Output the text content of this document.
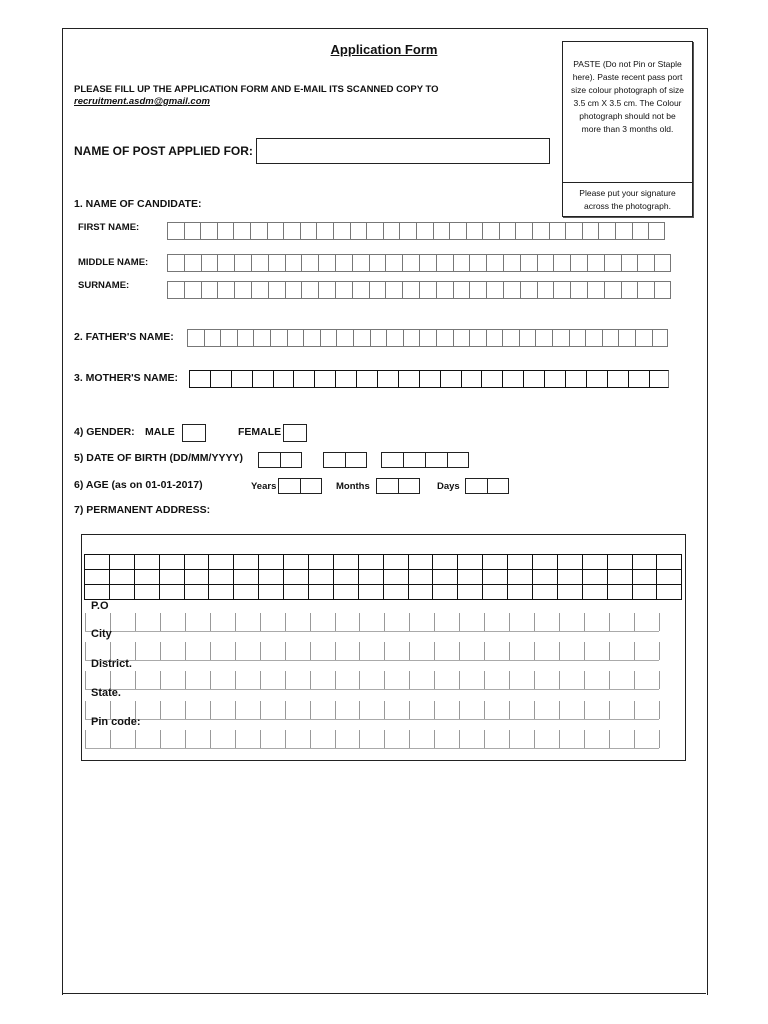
Application Form
PLEASE FILL UP THE APPLICATION FORM AND E-MAIL ITS SCANNED COPY TO
recruitment.asdm@gmail.com
PASTE (Do not Pin or Staple here). Paste recent pass port size colour photograph of size 3.5 cm X 3.5 cm. The Colour photograph should not be more than 3 months old.
Please put your signature across the photograph.
NAME OF POST APPLIED FOR:
1. NAME OF CANDIDATE:
FIRST NAME:
MIDDLE NAME:
SURNAME:
2. FATHER'S NAME:
3. MOTHER'S NAME:
4) GENDER: MALE	FEMALE
5) DATE OF BIRTH (DD/MM/YYYY)
6) AGE (as on 01-01-2017)	Years	Months	Days
7) PERMANENT ADDRESS:

P.O
City
District.
State.
Pin code:
